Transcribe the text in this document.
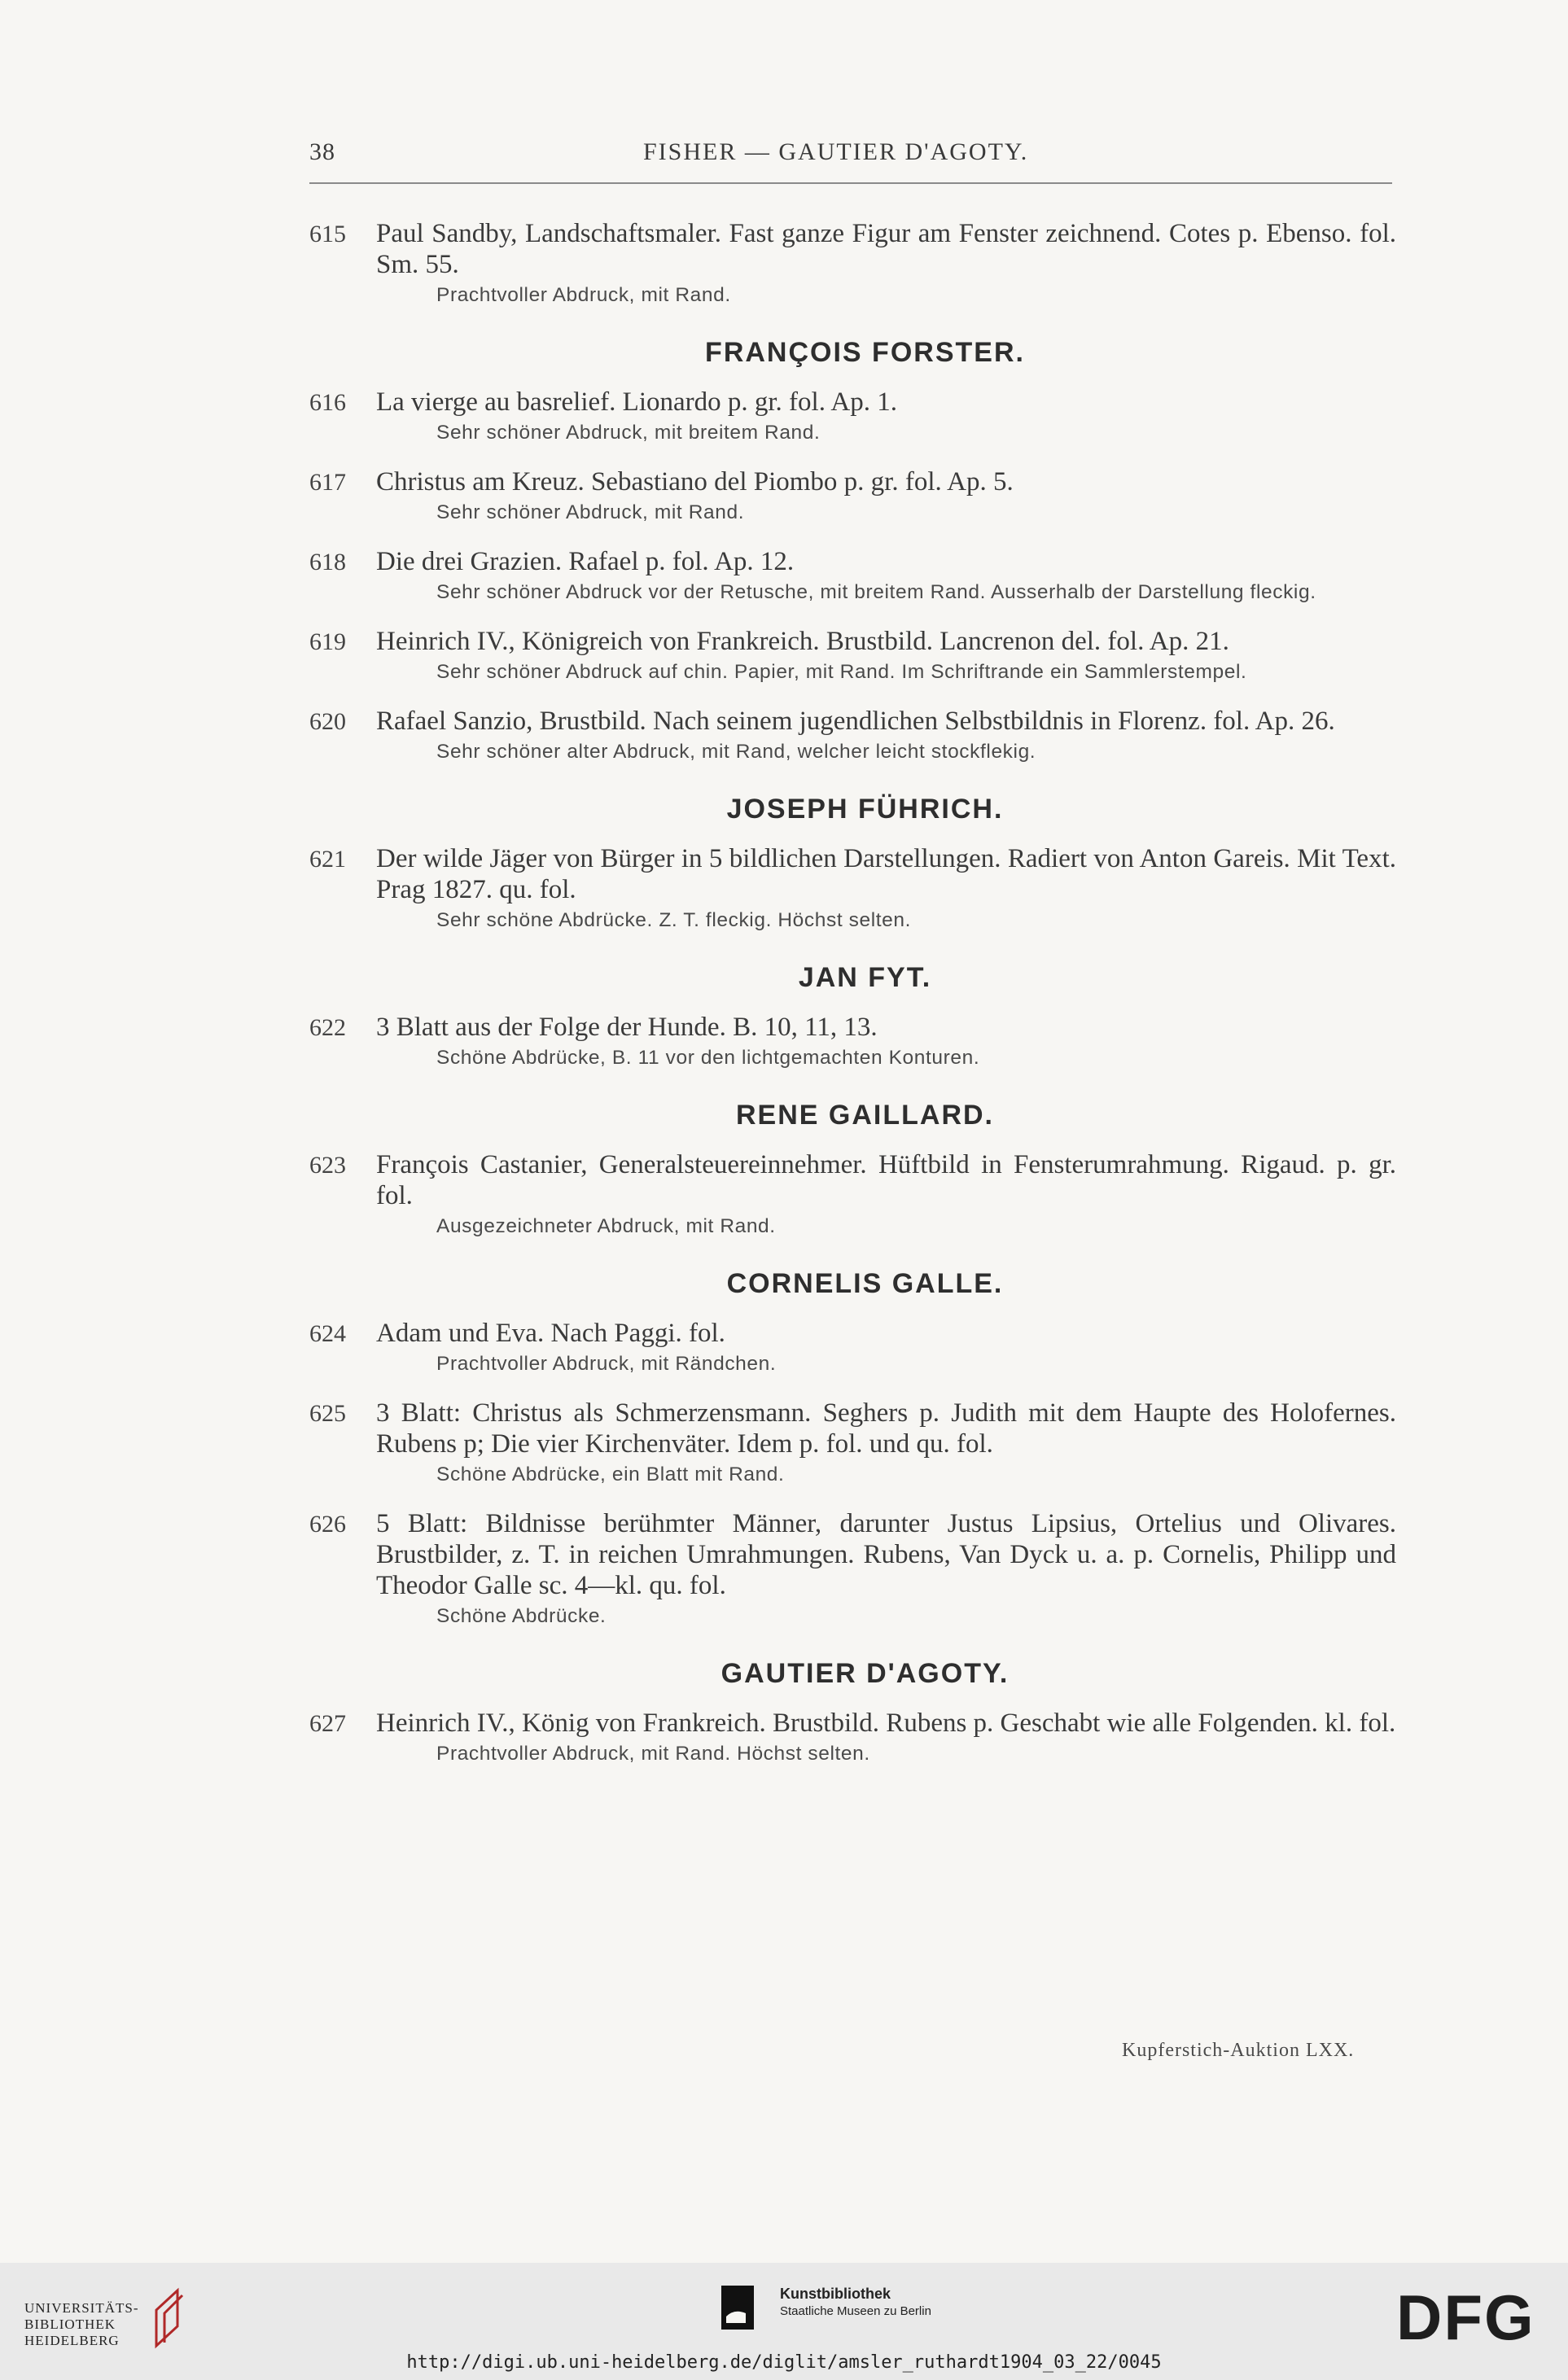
38	FISHER — GAUTIER D'AGOTY.
615 Paul Sandby, Landschaftsmaler. Fast ganze Figur am Fenster zeichnend. Cotes p. Ebenso. fol. Sm. 55.
Prachtvoller Abdruck, mit Rand.
FRANÇOIS FORSTER.
616 La vierge au basrelief. Lionardo p. gr. fol. Ap. 1.
Sehr schöner Abdruck, mit breitem Rand.
617 Christus am Kreuz. Sebastiano del Piombo p. gr. fol. Ap. 5.
Sehr schöner Abdruck, mit Rand.
618 Die drei Grazien. Rafael p. fol. Ap. 12.
Sehr schöner Abdruck vor der Retusche, mit breitem Rand. Ausserhalb der Darstellung fleckig.
619 Heinrich IV., Königreich von Frankreich. Brustbild. Lancrenon del. fol. Ap. 21.
Sehr schöner Abdruck auf chin. Papier, mit Rand. Im Schriftrande ein Sammlerstempel.
620 Rafael Sanzio, Brustbild. Nach seinem jugendlichen Selbstbildnis in Florenz. fol. Ap. 26.
Sehr schöner alter Abdruck, mit Rand, welcher leicht stockflekig.
JOSEPH FÜHRICH.
621 Der wilde Jäger von Bürger in 5 bildlichen Darstellungen. Radiert von Anton Gareis. Mit Text. Prag 1827. qu. fol.
Sehr schöne Abdrücke. Z. T. fleckig. Höchst selten.
JAN FYT.
622 3 Blatt aus der Folge der Hunde. B. 10, 11, 13.
Schöne Abdrücke, B. 11 vor den lichtgemachten Konturen.
RENE GAILLARD.
623 François Castanier, Generalsteuereinnehmer. Hüftbild in Fensterumrahmung. Rigaud. p. gr. fol.
Ausgezeichneter Abdruck, mit Rand.
CORNELIS GALLE.
624 Adam und Eva. Nach Paggi. fol.
Prachtvoller Abdruck, mit Rändchen.
625 3 Blatt: Christus als Schmerzensmann. Seghers p. Judith mit dem Haupte des Holofernes. Rubens p; Die vier Kirchenväter. Idem p. fol. und qu. fol.
Schöne Abdrücke, ein Blatt mit Rand.
626 5 Blatt: Bildnisse berühmter Männer, darunter Justus Lipsius, Ortelius und Olivares. Brustbilder, z. T. in reichen Umrahmungen. Rubens, Van Dyck u. a. p. Cornelis, Philipp und Theodor Galle sc. 4—kl. qu. fol.
Schöne Abdrücke.
GAUTIER D'AGOTY.
627 Heinrich IV., König von Frankreich. Brustbild. Rubens p. Geschabt wie alle Folgenden. kl. fol.
Prachtvoller Abdruck, mit Rand. Höchst selten.
Kupferstich-Auktion LXX.
UNIVERSITÄTS-
BIBLIOTHEK
HEIDELBERG
Kunstbibliothek
Staatliche Museen zu Berlin	DFG
http://digi.ub.uni-heidelberg.de/diglit/amsler_ruthardt1904_03_22/0045
